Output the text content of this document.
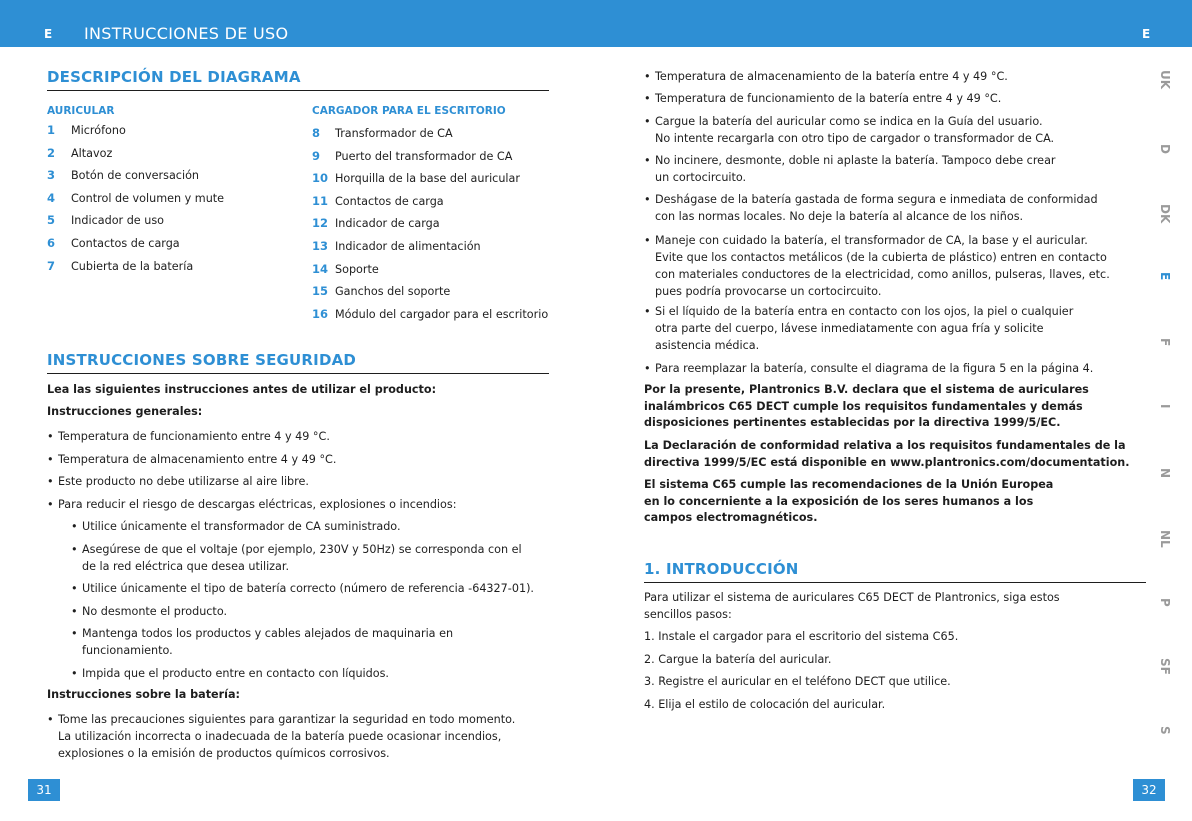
E INSTRUCCIONES DE USO	E
DESCRIPCIÓN DEL DIAGRAMA
AURICULAR	CARGADOR PARA EL ESCRITORIO
1	Micrófono
2	Altavoz
3	Botón de conversación
4	Control de volumen y mute
5	Indicador de uso
6	Contactos de carga
7	Cubierta de la batería
8	Transformador de CA
9	Puerto del transformador de CA
10 Horquilla de la base del auricular
11 Contactos de carga
12 Indicador de carga
13 Indicador de alimentación
14 Soporte
15 Ganchos del soporte
16 Módulo del cargador para el escritorio
INSTRUCCIONES SOBRE SEGURIDAD
Lea las siguientes instrucciones antes de utilizar el producto:
Instrucciones generales:
• Temperatura de funcionamiento entre 4 y 49 °C.
• Temperatura de almacenamiento entre 4 y 49 °C.
• Este producto no debe utilizarse al aire libre.
• Para reducir el riesgo de descargas eléctricas, explosiones o incendios:
• Utilice únicamente el transformador de CA suministrado.
• Asegúrese de que el voltaje (por ejemplo, 230V y 50Hz) se corresponda con el
de la red eléctrica que desea utilizar.
• Utilice únicamente el tipo de batería correcto (número de referencia -64327-01).
• No desmonte el producto.
• Mantenga todos los productos y cables alejados de maquinaria en
funcionamiento.
• Impida que el producto entre en contacto con líquidos.
Instrucciones sobre la batería:
• Tome las precauciones siguientes para garantizar la seguridad en todo momento.
La utilización incorrecta o inadecuada de la batería puede ocasionar incendios,
explosiones o la emisión de productos químicos corrosivos.
31
• Temperatura de almacenamiento de la batería entre 4 y 49 °C.
• Temperatura de funcionamiento de la batería entre 4 y 49 °C.
• Cargue la batería del auricular como se indica en la Guía del usuario.
No intente recargarla con otro tipo de cargador o transformador de CA.
• No incinere, desmonte, doble ni aplaste la batería. Tampoco debe crear
un cortocircuito.
• Deshágase de la batería gastada de forma segura e inmediata de conformidad
con las normas locales. No deje la batería al alcance de los niños.
• Maneje con cuidado la batería, el transformador de CA, la base y el auricular.
Evite que los contactos metálicos (de la cubierta de plástico) entren en contacto
con materiales conductores de la electricidad, como anillos, pulseras, llaves, etc.
pues podría provocarse un cortocircuito.
• Si el líquido de la batería entra en contacto con los ojos, la piel o cualquier
otra parte del cuerpo, lávese inmediatamente con agua fría y solicite
asistencia médica.
• Para reemplazar la batería, consulte el diagrama de la figura 5 en la página 4.
Por la presente, Plantronics B.V. declara que el sistema de auriculares
inalámbricos C65 DECT cumple los requisitos fundamentales y demás
disposiciones pertinentes establecidas por la directiva 1999/5/EC.
La Declaración de conformidad relativa a los requisitos fundamentales de la
directiva 1999/5/EC está disponible en www.plantronics.com/documentation.
El sistema C65 cumple las recomendaciones de la Unión Europea
en lo concerniente a la exposición de los seres humanos a los
campos electromagnéticos.
1. INTRODUCCIÓN
Para utilizar el sistema de auriculares C65 DECT de Plantronics, siga estos
sencillos pasos:
1. Instale el cargador para el escritorio del sistema C65.
2. Cargue la batería del auricular.
3. Registre el auricular en el teléfono DECT que utilice.
4. Elija el estilo de colocación del auricular.
32
UK
D
DK
E
F
I
N
NL
P
SF
S
